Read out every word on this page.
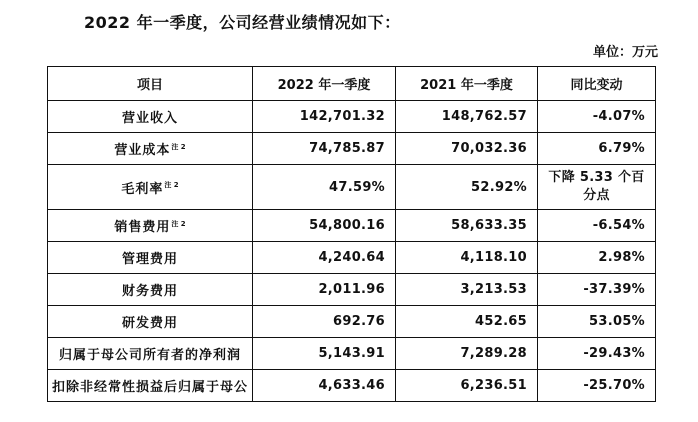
2022 年一季度，公司经营业绩情况如下：
单位：万元
项目	2022 年一季度	2021 年一季度	同比变动
营业收入	142,701.32	148,762.57	-4.07%
营业成本$^{注 2}$	74,785.87	70,032.36	6.79%
毛利率$^{注 2}$	47.59%	52.92%	下降 5.33 个百分点
销售费用$^{注 2}$	54,800.16	58,633.35	-6.54%
管理费用	4,240.64	4,118.10	2.98%
财务费用	2,011.96	3,213.53	-37.39%
研发费用	692.76	452.65	53.05%
归属于母公司所有者的净利润	5,143.91	7,289.28	-29.43%
扣除非经常性损益后归属于母公	4,633.46	6,236.51	-25.70%
